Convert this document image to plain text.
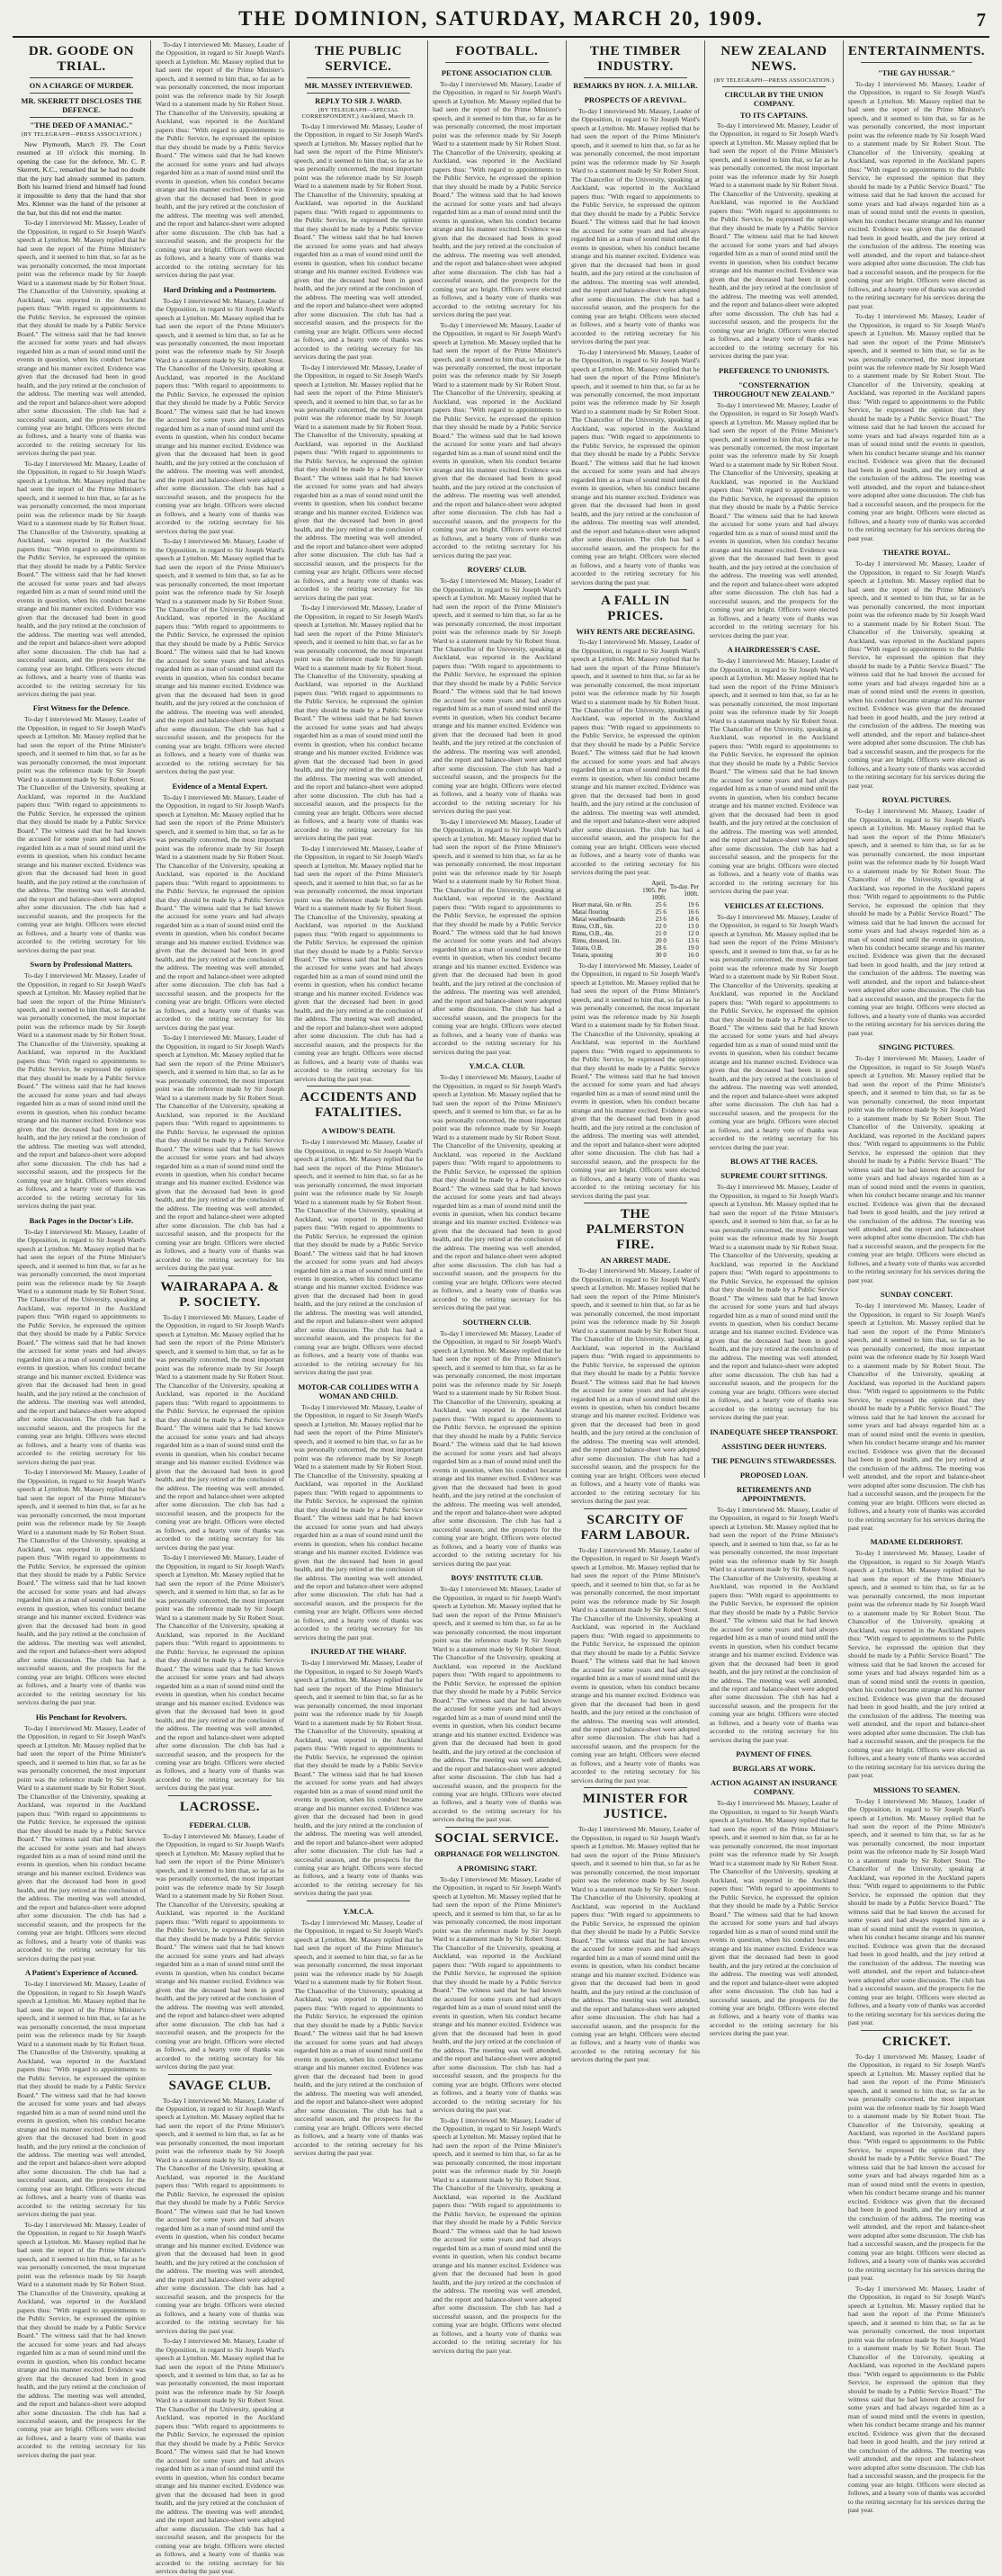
THE DOMINION, SATURDAY, MARCH 20, 1909.	7
DR. GOODE ON TRIAL.
ON A CHARGE OF MURDER.
MR. SKERRETT DISCLOSES THE DEFENCE.
"THE DEED OF A MANIAC."
(BY TELEGRAPH—PRESS ASSOCIATION.)

New Plymouth, March 19. The Court resumed at 10 o'clock this morning. In opening the case for the defence, Mr. C. P. Skerrett, K.C., remarked that he had no doubt that the jury had already summed its pattern. Both his learned friend and himself had found it impossible to deny that the hand that shot Mrs. Klenner was the hand of the prisoner at the bar, but this did not end the matter.

To-day I interviewed Mr. Massey, Leader of the Opposition, in regard to Sir Joseph Ward's speech at Lyttelton. Mr. Massey replied that he had seen the report of the Prime Minister's speech, and it seemed to him that, so far as he was personally concerned, the most important point was the reference made by Sir Joseph Ward to a statement made by Sir Robert Stout. The Chancellor of the University, speaking at Auckland, was reported in the Auckland papers thus: "With regard to appointments to the Public Service, he expressed the opinion that they should be made by a Public Service Board." The witness said that he had known the accused for some years and had always regarded him as a man of sound mind until the events in question, when his conduct became strange and his manner excited. Evidence was given that the deceased had been in good health, and the jury retired at the conclusion of the address. The meeting was well attended, and the report and balance-sheet were adopted after some discussion. The club has had a successful season, and the prospects for the coming year are bright. Officers were elected as follows, and a hearty vote of thanks was accorded to the retiring secretary for his services during the past year.

To-day I interviewed Mr. Massey, Leader of the Opposition, in regard to Sir Joseph Ward's speech at Lyttelton. Mr. Massey replied that he had seen the report of the Prime Minister's speech, and it seemed to him that, so far as he was personally concerned, the most important point was the reference made by Sir Joseph Ward to a statement made by Sir Robert Stout. The Chancellor of the University, speaking at Auckland, was reported in the Auckland papers thus: "With regard to appointments to the Public Service, he expressed the opinion that they should be made by a Public Service Board." The witness said that he had known the accused for some years and had always regarded him as a man of sound mind until the events in question, when his conduct became strange and his manner excited. Evidence was given that the deceased had been in good health, and the jury retired at the conclusion of the address. The meeting was well attended, and the report and balance-sheet were adopted after some discussion. The club has had a successful season, and the prospects for the coming year are bright. Officers were elected as follows, and a hearty vote of thanks was accorded to the retiring secretary for his services during the past year.

First Witness for the Defence.

To-day I interviewed Mr. Massey, Leader of the Opposition, in regard to Sir Joseph Ward's speech at Lyttelton. Mr. Massey replied that he had seen the report of the Prime Minister's speech, and it seemed to him that, so far as he was personally concerned, the most important point was the reference made by Sir Joseph Ward to a statement made by Sir Robert Stout. The Chancellor of the University, speaking at Auckland, was reported in the Auckland papers thus: "With regard to appointments to the Public Service, he expressed the opinion that they should be made by a Public Service Board." The witness said that he had known the accused for some years and had always regarded him as a man of sound mind until the events in question, when his conduct became strange and his manner excited. Evidence was given that the deceased had been in good health, and the jury retired at the conclusion of the address. The meeting was well attended, and the report and balance-sheet were adopted after some discussion. The club has had a successful season, and the prospects for the coming year are bright. Officers were elected as follows, and a hearty vote of thanks was accorded to the retiring secretary for his services during the past year.

Sworn by Professional Matters.

To-day I interviewed Mr. Massey, Leader of the Opposition, in regard to Sir Joseph Ward's speech at Lyttelton. Mr. Massey replied that he had seen the report of the Prime Minister's speech, and it seemed to him that, so far as he was personally concerned, the most important point was the reference made by Sir Joseph Ward to a statement made by Sir Robert Stout. The Chancellor of the University, speaking at Auckland, was reported in the Auckland papers thus: "With regard to appointments to the Public Service, he expressed the opinion that they should be made by a Public Service Board." The witness said that he had known the accused for some years and had always regarded him as a man of sound mind until the events in question, when his conduct became strange and his manner excited. Evidence was given that the deceased had been in good health, and the jury retired at the conclusion of the address. The meeting was well attended, and the report and balance-sheet were adopted after some discussion. The club has had a successful season, and the prospects for the coming year are bright. Officers were elected as follows, and a hearty vote of thanks was accorded to the retiring secretary for his services during the past year.

Back Pages in the Doctor's Life.

To-day I interviewed Mr. Massey, Leader of the Opposition, in regard to Sir Joseph Ward's speech at Lyttelton. Mr. Massey replied that he had seen the report of the Prime Minister's speech, and it seemed to him that, so far as he was personally concerned, the most important point was the reference made by Sir Joseph Ward to a statement made by Sir Robert Stout. The Chancellor of the University, speaking at Auckland, was reported in the Auckland papers thus: "With regard to appointments to the Public Service, he expressed the opinion that they should be made by a Public Service Board." The witness said that he had known the accused for some years and had always regarded him as a man of sound mind until the events in question, when his conduct became strange and his manner excited. Evidence was given that the deceased had been in good health, and the jury retired at the conclusion of the address. The meeting was well attended, and the report and balance-sheet were adopted after some discussion. The club has had a successful season, and the prospects for the coming year are bright. Officers were elected as follows, and a hearty vote of thanks was accorded to the retiring secretary for his services during the past year.

To-day I interviewed Mr. Massey, Leader of the Opposition, in regard to Sir Joseph Ward's speech at Lyttelton. Mr. Massey replied that he had seen the report of the Prime Minister's speech, and it seemed to him that, so far as he was personally concerned, the most important point was the reference made by Sir Joseph Ward to a statement made by Sir Robert Stout. The Chancellor of the University, speaking at Auckland, was reported in the Auckland papers thus: "With regard to appointments to the Public Service, he expressed the opinion that they should be made by a Public Service Board." The witness said that he had known the accused for some years and had always regarded him as a man of sound mind until the events in question, when his conduct became strange and his manner excited. Evidence was given that the deceased had been in good health, and the jury retired at the conclusion of the address. The meeting was well attended, and the report and balance-sheet were adopted after some discussion. The club has had a successful season, and the prospects for the coming year are bright. Officers were elected as follows, and a hearty vote of thanks was accorded to the retiring secretary for his services during the past year.

His Penchant for Revolvers.

To-day I interviewed Mr. Massey, Leader of the Opposition, in regard to Sir Joseph Ward's speech at Lyttelton. Mr. Massey replied that he had seen the report of the Prime Minister's speech, and it seemed to him that, so far as he was personally concerned, the most important point was the reference made by Sir Joseph Ward to a statement made by Sir Robert Stout. The Chancellor of the University, speaking at Auckland, was reported in the Auckland papers thus: "With regard to appointments to the Public Service, he expressed the opinion that they should be made by a Public Service Board." The witness said that he had known the accused for some years and had always regarded him as a man of sound mind until the events in question, when his conduct became strange and his manner excited. Evidence was given that the deceased had been in good health, and the jury retired at the conclusion of the address. The meeting was well attended, and the report and balance-sheet were adopted after some discussion. The club has had a successful season, and the prospects for the coming year are bright. Officers were elected as follows, and a hearty vote of thanks was accorded to the retiring secretary for his services during the past year.

A Patient's Experience of Accused.

To-day I interviewed Mr. Massey, Leader of the Opposition, in regard to Sir Joseph Ward's speech at Lyttelton. Mr. Massey replied that he had seen the report of the Prime Minister's speech, and it seemed to him that, so far as he was personally concerned, the most important point was the reference made by Sir Joseph Ward to a statement made by Sir Robert Stout. The Chancellor of the University, speaking at Auckland, was reported in the Auckland papers thus: "With regard to appointments to the Public Service, he expressed the opinion that they should be made by a Public Service Board." The witness said that he had known the accused for some years and had always regarded him as a man of sound mind until the events in question, when his conduct became strange and his manner excited. Evidence was given that the deceased had been in good health, and the jury retired at the conclusion of the address. The meeting was well attended, and the report and balance-sheet were adopted after some discussion. The club has had a successful season, and the prospects for the coming year are bright. Officers were elected as follows, and a hearty vote of thanks was accorded to the retiring secretary for his services during the past year.

To-day I interviewed Mr. Massey, Leader of the Opposition, in regard to Sir Joseph Ward's speech at Lyttelton. Mr. Massey replied that he had seen the report of the Prime Minister's speech, and it seemed to him that, so far as he was personally concerned, the most important point was the reference made by Sir Joseph Ward to a statement made by Sir Robert Stout. The Chancellor of the University, speaking at Auckland, was reported in the Auckland papers thus: "With regard to appointments to the Public Service, he expressed the opinion that they should be made by a Public Service Board." The witness said that he had known the accused for some years and had always regarded him as a man of sound mind until the events in question, when his conduct became strange and his manner excited. Evidence was given that the deceased had been in good health, and the jury retired at the conclusion of the address. The meeting was well attended, and the report and balance-sheet were adopted after some discussion. The club has had a successful season, and the prospects for the coming year are bright. Officers were elected as follows, and a hearty vote of thanks was accorded to the retiring secretary for his services during the past year.

To-day I interviewed Mr. Massey, Leader of the Opposition, in regard to Sir Joseph Ward's speech at Lyttelton. Mr. Massey replied that he had seen the report of the Prime Minister's speech, and it seemed to him that, so far as he was personally concerned, the most important point was the reference made by Sir Joseph Ward to a statement made by Sir Robert Stout. The Chancellor of the University, speaking at Auckland, was reported in the Auckland papers thus: "With regard to appointments to the Public Service, he expressed the opinion that they should be made by a Public Service Board." The witness said that he had known the accused for some years and had always regarded him as a man of sound mind until the events in question, when his conduct became strange and his manner excited. Evidence was given that the deceased had been in good health, and the jury retired at the conclusion of the address. The meeting was well attended, and the report and balance-sheet were adopted after some discussion. The club has had a successful season, and the prospects for the coming year are bright. Officers were elected as follows, and a hearty vote of thanks was accorded to the retiring secretary for his services during the past year.

Hard Drinking and a Postmortem.

To-day I interviewed Mr. Massey, Leader of the Opposition, in regard to Sir Joseph Ward's speech at Lyttelton. Mr. Massey replied that he had seen the report of the Prime Minister's speech, and it seemed to him that, so far as he was personally concerned, the most important point was the reference made by Sir Joseph Ward to a statement made by Sir Robert Stout. The Chancellor of the University, speaking at Auckland, was reported in the Auckland papers thus: "With regard to appointments to the Public Service, he expressed the opinion that they should be made by a Public Service Board." The witness said that he had known the accused for some years and had always regarded him as a man of sound mind until the events in question, when his conduct became strange and his manner excited. Evidence was given that the deceased had been in good health, and the jury retired at the conclusion of the address. The meeting was well attended, and the report and balance-sheet were adopted after some discussion. The club has had a successful season, and the prospects for the coming year are bright. Officers were elected as follows, and a hearty vote of thanks was accorded to the retiring secretary for his services during the past year.

To-day I interviewed Mr. Massey, Leader of the Opposition, in regard to Sir Joseph Ward's speech at Lyttelton. Mr. Massey replied that he had seen the report of the Prime Minister's speech, and it seemed to him that, so far as he was personally concerned, the most important point was the reference made by Sir Joseph Ward to a statement made by Sir Robert Stout. The Chancellor of the University, speaking at Auckland, was reported in the Auckland papers thus: "With regard to appointments to the Public Service, he expressed the opinion that they should be made by a Public Service Board." The witness said that he had known the accused for some years and had always regarded him as a man of sound mind until the events in question, when his conduct became strange and his manner excited. Evidence was given that the deceased had been in good health, and the jury retired at the conclusion of the address. The meeting was well attended, and the report and balance-sheet were adopted after some discussion. The club has had a successful season, and the prospects for the coming year are bright. Officers were elected as follows, and a hearty vote of thanks was accorded to the retiring secretary for his services during the past year.

Evidence of a Mental Expert.

To-day I interviewed Mr. Massey, Leader of the Opposition, in regard to Sir Joseph Ward's speech at Lyttelton. Mr. Massey replied that he had seen the report of the Prime Minister's speech, and it seemed to him that, so far as he was personally concerned, the most important point was the reference made by Sir Joseph Ward to a statement made by Sir Robert Stout. The Chancellor of the University, speaking at Auckland, was reported in the Auckland papers thus: "With regard to appointments to the Public Service, he expressed the opinion that they should be made by a Public Service Board." The witness said that he had known the accused for some years and had always regarded him as a man of sound mind until the events in question, when his conduct became strange and his manner excited. Evidence was given that the deceased had been in good health, and the jury retired at the conclusion of the address. The meeting was well attended, and the report and balance-sheet were adopted after some discussion. The club has had a successful season, and the prospects for the coming year are bright. Officers were elected as follows, and a hearty vote of thanks was accorded to the retiring secretary for his services during the past year.

To-day I interviewed Mr. Massey, Leader of the Opposition, in regard to Sir Joseph Ward's speech at Lyttelton. Mr. Massey replied that he had seen the report of the Prime Minister's speech, and it seemed to him that, so far as he was personally concerned, the most important point was the reference made by Sir Joseph Ward to a statement made by Sir Robert Stout. The Chancellor of the University, speaking at Auckland, was reported in the Auckland papers thus: "With regard to appointments to the Public Service, he expressed the opinion that they should be made by a Public Service Board." The witness said that he had known the accused for some years and had always regarded him as a man of sound mind until the events in question, when his conduct became strange and his manner excited. Evidence was given that the deceased had been in good health, and the jury retired at the conclusion of the address. The meeting was well attended, and the report and balance-sheet were adopted after some discussion. The club has had a successful season, and the prospects for the coming year are bright. Officers were elected as follows, and a hearty vote of thanks was accorded to the retiring secretary for his services during the past year.

WAIRARAPA A. & P. SOCIETY.

To-day I interviewed Mr. Massey, Leader of the Opposition, in regard to Sir Joseph Ward's speech at Lyttelton. Mr. Massey replied that he had seen the report of the Prime Minister's speech, and it seemed to him that, so far as he was personally concerned, the most important point was the reference made by Sir Joseph Ward to a statement made by Sir Robert Stout. The Chancellor of the University, speaking at Auckland, was reported in the Auckland papers thus: "With regard to appointments to the Public Service, he expressed the opinion that they should be made by a Public Service Board." The witness said that he had known the accused for some years and had always regarded him as a man of sound mind until the events in question, when his conduct became strange and his manner excited. Evidence was given that the deceased had been in good health, and the jury retired at the conclusion of the address. The meeting was well attended, and the report and balance-sheet were adopted after some discussion. The club has had a successful season, and the prospects for the coming year are bright. Officers were elected as follows, and a hearty vote of thanks was accorded to the retiring secretary for his services during the past year.

To-day I interviewed Mr. Massey, Leader of the Opposition, in regard to Sir Joseph Ward's speech at Lyttelton. Mr. Massey replied that he had seen the report of the Prime Minister's speech, and it seemed to him that, so far as he was personally concerned, the most important point was the reference made by Sir Joseph Ward to a statement made by Sir Robert Stout. The Chancellor of the University, speaking at Auckland, was reported in the Auckland papers thus: "With regard to appointments to the Public Service, he expressed the opinion that they should be made by a Public Service Board." The witness said that he had known the accused for some years and had always regarded him as a man of sound mind until the events in question, when his conduct became strange and his manner excited. Evidence was given that the deceased had been in good health, and the jury retired at the conclusion of the address. The meeting was well attended, and the report and balance-sheet were adopted after some discussion. The club has had a successful season, and the prospects for the coming year are bright. Officers were elected as follows, and a hearty vote of thanks was accorded to the retiring secretary for his services during the past year.

LACROSSE.
FEDERAL CLUB.

To-day I interviewed Mr. Massey, Leader of the Opposition, in regard to Sir Joseph Ward's speech at Lyttelton. Mr. Massey replied that he had seen the report of the Prime Minister's speech, and it seemed to him that, so far as he was personally concerned, the most important point was the reference made by Sir Joseph Ward to a statement made by Sir Robert Stout. The Chancellor of the University, speaking at Auckland, was reported in the Auckland papers thus: "With regard to appointments to the Public Service, he expressed the opinion that they should be made by a Public Service Board." The witness said that he had known the accused for some years and had always regarded him as a man of sound mind until the events in question, when his conduct became strange and his manner excited. Evidence was given that the deceased had been in good health, and the jury retired at the conclusion of the address. The meeting was well attended, and the report and balance-sheet were adopted after some discussion. The club has had a successful season, and the prospects for the coming year are bright. Officers were elected as follows, and a hearty vote of thanks was accorded to the retiring secretary for his services during the past year.

SAVAGE CLUB.

To-day I interviewed Mr. Massey, Leader of the Opposition, in regard to Sir Joseph Ward's speech at Lyttelton. Mr. Massey replied that he had seen the report of the Prime Minister's speech, and it seemed to him that, so far as he was personally concerned, the most important point was the reference made by Sir Joseph Ward to a statement made by Sir Robert Stout. The Chancellor of the University, speaking at Auckland, was reported in the Auckland papers thus: "With regard to appointments to the Public Service, he expressed the opinion that they should be made by a Public Service Board." The witness said that he had known the accused for some years and had always regarded him as a man of sound mind until the events in question, when his conduct became strange and his manner excited. Evidence was given that the deceased had been in good health, and the jury retired at the conclusion of the address. The meeting was well attended, and the report and balance-sheet were adopted after some discussion. The club has had a successful season, and the prospects for the coming year are bright. Officers were elected as follows, and a hearty vote of thanks was accorded to the retiring secretary for his services during the past year.

To-day I interviewed Mr. Massey, Leader of the Opposition, in regard to Sir Joseph Ward's speech at Lyttelton. Mr. Massey replied that he had seen the report of the Prime Minister's speech, and it seemed to him that, so far as he was personally concerned, the most important point was the reference made by Sir Joseph Ward to a statement made by Sir Robert Stout. The Chancellor of the University, speaking at Auckland, was reported in the Auckland papers thus: "With regard to appointments to the Public Service, he expressed the opinion that they should be made by a Public Service Board." The witness said that he had known the accused for some years and had always regarded him as a man of sound mind until the events in question, when his conduct became strange and his manner excited. Evidence was given that the deceased had been in good health, and the jury retired at the conclusion of the address. The meeting was well attended, and the report and balance-sheet were adopted after some discussion. The club has had a successful season, and the prospects for the coming year are bright. Officers were elected as follows, and a hearty vote of thanks was accorded to the retiring secretary for his services during the past year.

THE PUBLIC SERVICE.
MR. MASSEY INTERVIEWED.
REPLY TO SIR J. WARD.
(BY TELEGRAPH—SPECIAL CORRESPONDENT.) Auckland, March 19.

To-day I interviewed Mr. Massey, Leader of the Opposition, in regard to Sir Joseph Ward's speech at Lyttelton. Mr. Massey replied that he had seen the report of the Prime Minister's speech, and it seemed to him that, so far as he was personally concerned, the most important point was the reference made by Sir Joseph Ward to a statement made by Sir Robert Stout. The Chancellor of the University, speaking at Auckland, was reported in the Auckland papers thus: "With regard to appointments to the Public Service, he expressed the opinion that they should be made by a Public Service Board." The witness said that he had known the accused for some years and had always regarded him as a man of sound mind until the events in question, when his conduct became strange and his manner excited. Evidence was given that the deceased had been in good health, and the jury retired at the conclusion of the address. The meeting was well attended, and the report and balance-sheet were adopted after some discussion. The club has had a successful season, and the prospects for the coming year are bright. Officers were elected as follows, and a hearty vote of thanks was accorded to the retiring secretary for his services during the past year.

To-day I interviewed Mr. Massey, Leader of the Opposition, in regard to Sir Joseph Ward's speech at Lyttelton. Mr. Massey replied that he had seen the report of the Prime Minister's speech, and it seemed to him that, so far as he was personally concerned, the most important point was the reference made by Sir Joseph Ward to a statement made by Sir Robert Stout. The Chancellor of the University, speaking at Auckland, was reported in the Auckland papers thus: "With regard to appointments to the Public Service, he expressed the opinion that they should be made by a Public Service Board." The witness said that he had known the accused for some years and had always regarded him as a man of sound mind until the events in question, when his conduct became strange and his manner excited. Evidence was given that the deceased had been in good health, and the jury retired at the conclusion of the address. The meeting was well attended, and the report and balance-sheet were adopted after some discussion. The club has had a successful season, and the prospects for the coming year are bright. Officers were elected as follows, and a hearty vote of thanks was accorded to the retiring secretary for his services during the past year.

To-day I interviewed Mr. Massey, Leader of the Opposition, in regard to Sir Joseph Ward's speech at Lyttelton. Mr. Massey replied that he had seen the report of the Prime Minister's speech, and it seemed to him that, so far as he was personally concerned, the most important point was the reference made by Sir Joseph Ward to a statement made by Sir Robert Stout. The Chancellor of the University, speaking at Auckland, was reported in the Auckland papers thus: "With regard to appointments to the Public Service, he expressed the opinion that they should be made by a Public Service Board." The witness said that he had known the accused for some years and had always regarded him as a man of sound mind until the events in question, when his conduct became strange and his manner excited. Evidence was given that the deceased had been in good health, and the jury retired at the conclusion of the address. The meeting was well attended, and the report and balance-sheet were adopted after some discussion. The club has had a successful season, and the prospects for the coming year are bright. Officers were elected as follows, and a hearty vote of thanks was accorded to the retiring secretary for his services during the past year.

To-day I interviewed Mr. Massey, Leader of the Opposition, in regard to Sir Joseph Ward's speech at Lyttelton. Mr. Massey replied that he had seen the report of the Prime Minister's speech, and it seemed to him that, so far as he was personally concerned, the most important point was the reference made by Sir Joseph Ward to a statement made by Sir Robert Stout. The Chancellor of the University, speaking at Auckland, was reported in the Auckland papers thus: "With regard to appointments to the Public Service, he expressed the opinion that they should be made by a Public Service Board." The witness said that he had known the accused for some years and had always regarded him as a man of sound mind until the events in question, when his conduct became strange and his manner excited. Evidence was given that the deceased had been in good health, and the jury retired at the conclusion of the address. The meeting was well attended, and the report and balance-sheet were adopted after some discussion. The club has had a successful season, and the prospects for the coming year are bright. Officers were elected as follows, and a hearty vote of thanks was accorded to the retiring secretary for his services during the past year.

ACCIDENTS AND FATALITIES.
A WIDOW'S DEATH.

To-day I interviewed Mr. Massey, Leader of the Opposition, in regard to Sir Joseph Ward's speech at Lyttelton. Mr. Massey replied that he had seen the report of the Prime Minister's speech, and it seemed to him that, so far as he was personally concerned, the most important point was the reference made by Sir Joseph Ward to a statement made by Sir Robert Stout. The Chancellor of the University, speaking at Auckland, was reported in the Auckland papers thus: "With regard to appointments to the Public Service, he expressed the opinion that they should be made by a Public Service Board." The witness said that he had known the accused for some years and had always regarded him as a man of sound mind until the events in question, when his conduct became strange and his manner excited. Evidence was given that the deceased had been in good health, and the jury retired at the conclusion of the address. The meeting was well attended, and the report and balance-sheet were adopted after some discussion. The club has had a successful season, and the prospects for the coming year are bright. Officers were elected as follows, and a hearty vote of thanks was accorded to the retiring secretary for his services during the past year.

MOTOR-CAR COLLIDES WITH A WOMAN AND CHILD.

To-day I interviewed Mr. Massey, Leader of the Opposition, in regard to Sir Joseph Ward's speech at Lyttelton. Mr. Massey replied that he had seen the report of the Prime Minister's speech, and it seemed to him that, so far as he was personally concerned, the most important point was the reference made by Sir Joseph Ward to a statement made by Sir Robert Stout. The Chancellor of the University, speaking at Auckland, was reported in the Auckland papers thus: "With regard to appointments to the Public Service, he expressed the opinion that they should be made by a Public Service Board." The witness said that he had known the accused for some years and had always regarded him as a man of sound mind until the events in question, when his conduct became strange and his manner excited. Evidence was given that the deceased had been in good health, and the jury retired at the conclusion of the address. The meeting was well attended, and the report and balance-sheet were adopted after some discussion. The club has had a successful season, and the prospects for the coming year are bright. Officers were elected as follows, and a hearty vote of thanks was accorded to the retiring secretary for his services during the past year.

INJURED AT THE WHARF.

To-day I interviewed Mr. Massey, Leader of the Opposition, in regard to Sir Joseph Ward's speech at Lyttelton. Mr. Massey replied that he had seen the report of the Prime Minister's speech, and it seemed to him that, so far as he was personally concerned, the most important point was the reference made by Sir Joseph Ward to a statement made by Sir Robert Stout. The Chancellor of the University, speaking at Auckland, was reported in the Auckland papers thus: "With regard to appointments to the Public Service, he expressed the opinion that they should be made by a Public Service Board." The witness said that he had known the accused for some years and had always regarded him as a man of sound mind until the events in question, when his conduct became strange and his manner excited. Evidence was given that the deceased had been in good health, and the jury retired at the conclusion of the address. The meeting was well attended, and the report and balance-sheet were adopted after some discussion. The club has had a successful season, and the prospects for the coming year are bright. Officers were elected as follows, and a hearty vote of thanks was accorded to the retiring secretary for his services during the past year.

Y.M.C.A.

To-day I interviewed Mr. Massey, Leader of the Opposition, in regard to Sir Joseph Ward's speech at Lyttelton. Mr. Massey replied that he had seen the report of the Prime Minister's speech, and it seemed to him that, so far as he was personally concerned, the most important point was the reference made by Sir Joseph Ward to a statement made by Sir Robert Stout. The Chancellor of the University, speaking at Auckland, was reported in the Auckland papers thus: "With regard to appointments to the Public Service, he expressed the opinion that they should be made by a Public Service Board." The witness said that he had known the accused for some years and had always regarded him as a man of sound mind until the events in question, when his conduct became strange and his manner excited. Evidence was given that the deceased had been in good health, and the jury retired at the conclusion of the address. The meeting was well attended, and the report and balance-sheet were adopted after some discussion. The club has had a successful season, and the prospects for the coming year are bright. Officers were elected as follows, and a hearty vote of thanks was accorded to the retiring secretary for his services during the past year.

FOOTBALL.
PETONE ASSOCIATION CLUB.

To-day I interviewed Mr. Massey, Leader of the Opposition, in regard to Sir Joseph Ward's speech at Lyttelton. Mr. Massey replied that he had seen the report of the Prime Minister's speech, and it seemed to him that, so far as he was personally concerned, the most important point was the reference made by Sir Joseph Ward to a statement made by Sir Robert Stout. The Chancellor of the University, speaking at Auckland, was reported in the Auckland papers thus: "With regard to appointments to the Public Service, he expressed the opinion that they should be made by a Public Service Board." The witness said that he had known the accused for some years and had always regarded him as a man of sound mind until the events in question, when his conduct became strange and his manner excited. Evidence was given that the deceased had been in good health, and the jury retired at the conclusion of the address. The meeting was well attended, and the report and balance-sheet were adopted after some discussion. The club has had a successful season, and the prospects for the coming year are bright. Officers were elected as follows, and a hearty vote of thanks was accorded to the retiring secretary for his services during the past year.

To-day I interviewed Mr. Massey, Leader of the Opposition, in regard to Sir Joseph Ward's speech at Lyttelton. Mr. Massey replied that he had seen the report of the Prime Minister's speech, and it seemed to him that, so far as he was personally concerned, the most important point was the reference made by Sir Joseph Ward to a statement made by Sir Robert Stout. The Chancellor of the University, speaking at Auckland, was reported in the Auckland papers thus: "With regard to appointments to the Public Service, he expressed the opinion that they should be made by a Public Service Board." The witness said that he had known the accused for some years and had always regarded him as a man of sound mind until the events in question, when his conduct became strange and his manner excited. Evidence was given that the deceased had been in good health, and the jury retired at the conclusion of the address. The meeting was well attended, and the report and balance-sheet were adopted after some discussion. The club has had a successful season, and the prospects for the coming year are bright. Officers were elected as follows, and a hearty vote of thanks was accorded to the retiring secretary for his services during the past year.

ROVERS' CLUB.

To-day I interviewed Mr. Massey, Leader of the Opposition, in regard to Sir Joseph Ward's speech at Lyttelton. Mr. Massey replied that he had seen the report of the Prime Minister's speech, and it seemed to him that, so far as he was personally concerned, the most important point was the reference made by Sir Joseph Ward to a statement made by Sir Robert Stout. The Chancellor of the University, speaking at Auckland, was reported in the Auckland papers thus: "With regard to appointments to the Public Service, he expressed the opinion that they should be made by a Public Service Board." The witness said that he had known the accused for some years and had always regarded him as a man of sound mind until the events in question, when his conduct became strange and his manner excited. Evidence was given that the deceased had been in good health, and the jury retired at the conclusion of the address. The meeting was well attended, and the report and balance-sheet were adopted after some discussion. The club has had a successful season, and the prospects for the coming year are bright. Officers were elected as follows, and a hearty vote of thanks was accorded to the retiring secretary for his services during the past year.

To-day I interviewed Mr. Massey, Leader of the Opposition, in regard to Sir Joseph Ward's speech at Lyttelton. Mr. Massey replied that he had seen the report of the Prime Minister's speech, and it seemed to him that, so far as he was personally concerned, the most important point was the reference made by Sir Joseph Ward to a statement made by Sir Robert Stout. The Chancellor of the University, speaking at Auckland, was reported in the Auckland papers thus: "With regard to appointments to the Public Service, he expressed the opinion that they should be made by a Public Service Board." The witness said that he had known the accused for some years and had always regarded him as a man of sound mind until the events in question, when his conduct became strange and his manner excited. Evidence was given that the deceased had been in good health, and the jury retired at the conclusion of the address. The meeting was well attended, and the report and balance-sheet were adopted after some discussion. The club has had a successful season, and the prospects for the coming year are bright. Officers were elected as follows, and a hearty vote of thanks was accorded to the retiring secretary for his services during the past year.

Y.M.C.A. CLUB.

To-day I interviewed Mr. Massey, Leader of the Opposition, in regard to Sir Joseph Ward's speech at Lyttelton. Mr. Massey replied that he had seen the report of the Prime Minister's speech, and it seemed to him that, so far as he was personally concerned, the most important point was the reference made by Sir Joseph Ward to a statement made by Sir Robert Stout. The Chancellor of the University, speaking at Auckland, was reported in the Auckland papers thus: "With regard to appointments to the Public Service, he expressed the opinion that they should be made by a Public Service Board." The witness said that he had known the accused for some years and had always regarded him as a man of sound mind until the events in question, when his conduct became strange and his manner excited. Evidence was given that the deceased had been in good health, and the jury retired at the conclusion of the address. The meeting was well attended, and the report and balance-sheet were adopted after some discussion. The club has had a successful season, and the prospects for the coming year are bright. Officers were elected as follows, and a hearty vote of thanks was accorded to the retiring secretary for his services during the past year.

SOUTHERN CLUB.

To-day I interviewed Mr. Massey, Leader of the Opposition, in regard to Sir Joseph Ward's speech at Lyttelton. Mr. Massey replied that he had seen the report of the Prime Minister's speech, and it seemed to him that, so far as he was personally concerned, the most important point was the reference made by Sir Joseph Ward to a statement made by Sir Robert Stout. The Chancellor of the University, speaking at Auckland, was reported in the Auckland papers thus: "With regard to appointments to the Public Service, he expressed the opinion that they should be made by a Public Service Board." The witness said that he had known the accused for some years and had always regarded him as a man of sound mind until the events in question, when his conduct became strange and his manner excited. Evidence was given that the deceased had been in good health, and the jury retired at the conclusion of the address. The meeting was well attended, and the report and balance-sheet were adopted after some discussion. The club has had a successful season, and the prospects for the coming year are bright. Officers were elected as follows, and a hearty vote of thanks was accorded to the retiring secretary for his services during the past year.

BOYS' INSTITUTE CLUB.

To-day I interviewed Mr. Massey, Leader of the Opposition, in regard to Sir Joseph Ward's speech at Lyttelton. Mr. Massey replied that he had seen the report of the Prime Minister's speech, and it seemed to him that, so far as he was personally concerned, the most important point was the reference made by Sir Joseph Ward to a statement made by Sir Robert Stout. The Chancellor of the University, speaking at Auckland, was reported in the Auckland papers thus: "With regard to appointments to the Public Service, he expressed the opinion that they should be made by a Public Service Board." The witness said that he had known the accused for some years and had always regarded him as a man of sound mind until the events in question, when his conduct became strange and his manner excited. Evidence was given that the deceased had been in good health, and the jury retired at the conclusion of the address. The meeting was well attended, and the report and balance-sheet were adopted after some discussion. The club has had a successful season, and the prospects for the coming year are bright. Officers were elected as follows, and a hearty vote of thanks was accorded to the retiring secretary for his services during the past year.

SOCIAL SERVICE.
ORPHANAGE FOR WELLINGTON.
A PROMISING START.

To-day I interviewed Mr. Massey, Leader of the Opposition, in regard to Sir Joseph Ward's speech at Lyttelton. Mr. Massey replied that he had seen the report of the Prime Minister's speech, and it seemed to him that, so far as he was personally concerned, the most important point was the reference made by Sir Joseph Ward to a statement made by Sir Robert Stout. The Chancellor of the University, speaking at Auckland, was reported in the Auckland papers thus: "With regard to appointments to the Public Service, he expressed the opinion that they should be made by a Public Service Board." The witness said that he had known the accused for some years and had always regarded him as a man of sound mind until the events in question, when his conduct became strange and his manner excited. Evidence was given that the deceased had been in good health, and the jury retired at the conclusion of the address. The meeting was well attended, and the report and balance-sheet were adopted after some discussion. The club has had a successful season, and the prospects for the coming year are bright. Officers were elected as follows, and a hearty vote of thanks was accorded to the retiring secretary for his services during the past year.

To-day I interviewed Mr. Massey, Leader of the Opposition, in regard to Sir Joseph Ward's speech at Lyttelton. Mr. Massey replied that he had seen the report of the Prime Minister's speech, and it seemed to him that, so far as he was personally concerned, the most important point was the reference made by Sir Joseph Ward to a statement made by Sir Robert Stout. The Chancellor of the University, speaking at Auckland, was reported in the Auckland papers thus: "With regard to appointments to the Public Service, he expressed the opinion that they should be made by a Public Service Board." The witness said that he had known the accused for some years and had always regarded him as a man of sound mind until the events in question, when his conduct became strange and his manner excited. Evidence was given that the deceased had been in good health, and the jury retired at the conclusion of the address. The meeting was well attended, and the report and balance-sheet were adopted after some discussion. The club has had a successful season, and the prospects for the coming year are bright. Officers were elected as follows, and a hearty vote of thanks was accorded to the retiring secretary for his services during the past year.

THE TIMBER INDUSTRY.
REMARKS BY HON. J. A. MILLAR.
PROSPECTS OF A REVIVAL.

To-day I interviewed Mr. Massey, Leader of the Opposition, in regard to Sir Joseph Ward's speech at Lyttelton. Mr. Massey replied that he had seen the report of the Prime Minister's speech, and it seemed to him that, so far as he was personally concerned, the most important point was the reference made by Sir Joseph Ward to a statement made by Sir Robert Stout. The Chancellor of the University, speaking at Auckland, was reported in the Auckland papers thus: "With regard to appointments to the Public Service, he expressed the opinion that they should be made by a Public Service Board." The witness said that he had known the accused for some years and had always regarded him as a man of sound mind until the events in question, when his conduct became strange and his manner excited. Evidence was given that the deceased had been in good health, and the jury retired at the conclusion of the address. The meeting was well attended, and the report and balance-sheet were adopted after some discussion. The club has had a successful season, and the prospects for the coming year are bright. Officers were elected as follows, and a hearty vote of thanks was accorded to the retiring secretary for his services during the past year.

To-day I interviewed Mr. Massey, Leader of the Opposition, in regard to Sir Joseph Ward's speech at Lyttelton. Mr. Massey replied that he had seen the report of the Prime Minister's speech, and it seemed to him that, so far as he was personally concerned, the most important point was the reference made by Sir Joseph Ward to a statement made by Sir Robert Stout. The Chancellor of the University, speaking at Auckland, was reported in the Auckland papers thus: "With regard to appointments to the Public Service, he expressed the opinion that they should be made by a Public Service Board." The witness said that he had known the accused for some years and had always regarded him as a man of sound mind until the events in question, when his conduct became strange and his manner excited. Evidence was given that the deceased had been in good health, and the jury retired at the conclusion of the address. The meeting was well attended, and the report and balance-sheet were adopted after some discussion. The club has had a successful season, and the prospects for the coming year are bright. Officers were elected as follows, and a hearty vote of thanks was accorded to the retiring secretary for his services during the past year.

A FALL IN PRICES.
WHY RENTS ARE DECREASING.

To-day I interviewed Mr. Massey, Leader of the Opposition, in regard to Sir Joseph Ward's speech at Lyttelton. Mr. Massey replied that he had seen the report of the Prime Minister's speech, and it seemed to him that, so far as he was personally concerned, the most important point was the reference made by Sir Joseph Ward to a statement made by Sir Robert Stout. The Chancellor of the University, speaking at Auckland, was reported in the Auckland papers thus: "With regard to appointments to the Public Service, he expressed the opinion that they should be made by a Public Service Board." The witness said that he had known the accused for some years and had always regarded him as a man of sound mind until the events in question, when his conduct became strange and his manner excited. Evidence was given that the deceased had been in good health, and the jury retired at the conclusion of the address. The meeting was well attended, and the report and balance-sheet were adopted after some discussion. The club has had a successful season, and the prospects for the coming year are bright. Officers were elected as follows, and a hearty vote of thanks was accorded to the retiring secretary for his services during the past year.

	April, 1905. Per 100ft.	To-day. Per 100ft.
Heart matai, 6in. or 8in.	25 6	19 6
Matai flooring	25 6	16 6
Matai weatherboards	23 6	18 6
Rimu, O.B., 6in.	22 0	13 0
Rimu, O.B., 4in.	21 0	12 0
Rimu, dressed, 1in.	20 0	13 6
Totara, O.B.	28 6	19 0
Totara, spouting	30 0	16 0

To-day I interviewed Mr. Massey, Leader of the Opposition, in regard to Sir Joseph Ward's speech at Lyttelton. Mr. Massey replied that he had seen the report of the Prime Minister's speech, and it seemed to him that, so far as he was personally concerned, the most important point was the reference made by Sir Joseph Ward to a statement made by Sir Robert Stout. The Chancellor of the University, speaking at Auckland, was reported in the Auckland papers thus: "With regard to appointments to the Public Service, he expressed the opinion that they should be made by a Public Service Board." The witness said that he had known the accused for some years and had always regarded him as a man of sound mind until the events in question, when his conduct became strange and his manner excited. Evidence was given that the deceased had been in good health, and the jury retired at the conclusion of the address. The meeting was well attended, and the report and balance-sheet were adopted after some discussion. The club has had a successful season, and the prospects for the coming year are bright. Officers were elected as follows, and a hearty vote of thanks was accorded to the retiring secretary for his services during the past year.

THE PALMERSTON FIRE.
AN ARREST MADE.

To-day I interviewed Mr. Massey, Leader of the Opposition, in regard to Sir Joseph Ward's speech at Lyttelton. Mr. Massey replied that he had seen the report of the Prime Minister's speech, and it seemed to him that, so far as he was personally concerned, the most important point was the reference made by Sir Joseph Ward to a statement made by Sir Robert Stout. The Chancellor of the University, speaking at Auckland, was reported in the Auckland papers thus: "With regard to appointments to the Public Service, he expressed the opinion that they should be made by a Public Service Board." The witness said that he had known the accused for some years and had always regarded him as a man of sound mind until the events in question, when his conduct became strange and his manner excited. Evidence was given that the deceased had been in good health, and the jury retired at the conclusion of the address. The meeting was well attended, and the report and balance-sheet were adopted after some discussion. The club has had a successful season, and the prospects for the coming year are bright. Officers were elected as follows, and a hearty vote of thanks was accorded to the retiring secretary for his services during the past year.

SCARCITY OF FARM LABOUR.

To-day I interviewed Mr. Massey, Leader of the Opposition, in regard to Sir Joseph Ward's speech at Lyttelton. Mr. Massey replied that he had seen the report of the Prime Minister's speech, and it seemed to him that, so far as he was personally concerned, the most important point was the reference made by Sir Joseph Ward to a statement made by Sir Robert Stout. The Chancellor of the University, speaking at Auckland, was reported in the Auckland papers thus: "With regard to appointments to the Public Service, he expressed the opinion that they should be made by a Public Service Board." The witness said that he had known the accused for some years and had always regarded him as a man of sound mind until the events in question, when his conduct became strange and his manner excited. Evidence was given that the deceased had been in good health, and the jury retired at the conclusion of the address. The meeting was well attended, and the report and balance-sheet were adopted after some discussion. The club has had a successful season, and the prospects for the coming year are bright. Officers were elected as follows, and a hearty vote of thanks was accorded to the retiring secretary for his services during the past year.

MINISTER FOR JUSTICE.

To-day I interviewed Mr. Massey, Leader of the Opposition, in regard to Sir Joseph Ward's speech at Lyttelton. Mr. Massey replied that he had seen the report of the Prime Minister's speech, and it seemed to him that, so far as he was personally concerned, the most important point was the reference made by Sir Joseph Ward to a statement made by Sir Robert Stout. The Chancellor of the University, speaking at Auckland, was reported in the Auckland papers thus: "With regard to appointments to the Public Service, he expressed the opinion that they should be made by a Public Service Board." The witness said that he had known the accused for some years and had always regarded him as a man of sound mind until the events in question, when his conduct became strange and his manner excited. Evidence was given that the deceased had been in good health, and the jury retired at the conclusion of the address. The meeting was well attended, and the report and balance-sheet were adopted after some discussion. The club has had a successful season, and the prospects for the coming year are bright. Officers were elected as follows, and a hearty vote of thanks was accorded to the retiring secretary for his services during the past year.

NEW ZEALAND NEWS.
(BY TELEGRAPH—PRESS ASSOCIATION.)
CIRCULAR BY THE UNION COMPANY.
TO ITS CAPTAINS.

To-day I interviewed Mr. Massey, Leader of the Opposition, in regard to Sir Joseph Ward's speech at Lyttelton. Mr. Massey replied that he had seen the report of the Prime Minister's speech, and it seemed to him that, so far as he was personally concerned, the most important point was the reference made by Sir Joseph Ward to a statement made by Sir Robert Stout. The Chancellor of the University, speaking at Auckland, was reported in the Auckland papers thus: "With regard to appointments to the Public Service, he expressed the opinion that they should be made by a Public Service Board." The witness said that he had known the accused for some years and had always regarded him as a man of sound mind until the events in question, when his conduct became strange and his manner excited. Evidence was given that the deceased had been in good health, and the jury retired at the conclusion of the address. The meeting was well attended, and the report and balance-sheet were adopted after some discussion. The club has had a successful season, and the prospects for the coming year are bright. Officers were elected as follows, and a hearty vote of thanks was accorded to the retiring secretary for his services during the past year.

PREFERENCE TO UNIONISTS.
"CONSTERNATION THROUGHOUT NEW ZEALAND."

To-day I interviewed Mr. Massey, Leader of the Opposition, in regard to Sir Joseph Ward's speech at Lyttelton. Mr. Massey replied that he had seen the report of the Prime Minister's speech, and it seemed to him that, so far as he was personally concerned, the most important point was the reference made by Sir Joseph Ward to a statement made by Sir Robert Stout. The Chancellor of the University, speaking at Auckland, was reported in the Auckland papers thus: "With regard to appointments to the Public Service, he expressed the opinion that they should be made by a Public Service Board." The witness said that he had known the accused for some years and had always regarded him as a man of sound mind until the events in question, when his conduct became strange and his manner excited. Evidence was given that the deceased had been in good health, and the jury retired at the conclusion of the address. The meeting was well attended, and the report and balance-sheet were adopted after some discussion. The club has had a successful season, and the prospects for the coming year are bright. Officers were elected as follows, and a hearty vote of thanks was accorded to the retiring secretary for his services during the past year.

A HAIRDRESSER'S CASE.

To-day I interviewed Mr. Massey, Leader of the Opposition, in regard to Sir Joseph Ward's speech at Lyttelton. Mr. Massey replied that he had seen the report of the Prime Minister's speech, and it seemed to him that, so far as he was personally concerned, the most important point was the reference made by Sir Joseph Ward to a statement made by Sir Robert Stout. The Chancellor of the University, speaking at Auckland, was reported in the Auckland papers thus: "With regard to appointments to the Public Service, he expressed the opinion that they should be made by a Public Service Board." The witness said that he had known the accused for some years and had always regarded him as a man of sound mind until the events in question, when his conduct became strange and his manner excited. Evidence was given that the deceased had been in good health, and the jury retired at the conclusion of the address. The meeting was well attended, and the report and balance-sheet were adopted after some discussion. The club has had a successful season, and the prospects for the coming year are bright. Officers were elected as follows, and a hearty vote of thanks was accorded to the retiring secretary for his services during the past year.

VEHICLES AT ELECTIONS.

To-day I interviewed Mr. Massey, Leader of the Opposition, in regard to Sir Joseph Ward's speech at Lyttelton. Mr. Massey replied that he had seen the report of the Prime Minister's speech, and it seemed to him that, so far as he was personally concerned, the most important point was the reference made by Sir Joseph Ward to a statement made by Sir Robert Stout. The Chancellor of the University, speaking at Auckland, was reported in the Auckland papers thus: "With regard to appointments to the Public Service, he expressed the opinion that they should be made by a Public Service Board." The witness said that he had known the accused for some years and had always regarded him as a man of sound mind until the events in question, when his conduct became strange and his manner excited. Evidence was given that the deceased had been in good health, and the jury retired at the conclusion of the address. The meeting was well attended, and the report and balance-sheet were adopted after some discussion. The club has had a successful season, and the prospects for the coming year are bright. Officers were elected as follows, and a hearty vote of thanks was accorded to the retiring secretary for his services during the past year.

BLOWS AT THE RACES.
SUPREME COURT SITTINGS.

To-day I interviewed Mr. Massey, Leader of the Opposition, in regard to Sir Joseph Ward's speech at Lyttelton. Mr. Massey replied that he had seen the report of the Prime Minister's speech, and it seemed to him that, so far as he was personally concerned, the most important point was the reference made by Sir Joseph Ward to a statement made by Sir Robert Stout. The Chancellor of the University, speaking at Auckland, was reported in the Auckland papers thus: "With regard to appointments to the Public Service, he expressed the opinion that they should be made by a Public Service Board." The witness said that he had known the accused for some years and had always regarded him as a man of sound mind until the events in question, when his conduct became strange and his manner excited. Evidence was given that the deceased had been in good health, and the jury retired at the conclusion of the address. The meeting was well attended, and the report and balance-sheet were adopted after some discussion. The club has had a successful season, and the prospects for the coming year are bright. Officers were elected as follows, and a hearty vote of thanks was accorded to the retiring secretary for his services during the past year.

INADEQUATE SHEEP TRANSPORT.
ASSISTING DEER HUNTERS.
THE PENGUIN'S STEWARDESSES.
PROPOSED LOAN.
RETIREMENTS AND APPOINTMENTS.

To-day I interviewed Mr. Massey, Leader of the Opposition, in regard to Sir Joseph Ward's speech at Lyttelton. Mr. Massey replied that he had seen the report of the Prime Minister's speech, and it seemed to him that, so far as he was personally concerned, the most important point was the reference made by Sir Joseph Ward to a statement made by Sir Robert Stout. The Chancellor of the University, speaking at Auckland, was reported in the Auckland papers thus: "With regard to appointments to the Public Service, he expressed the opinion that they should be made by a Public Service Board." The witness said that he had known the accused for some years and had always regarded him as a man of sound mind until the events in question, when his conduct became strange and his manner excited. Evidence was given that the deceased had been in good health, and the jury retired at the conclusion of the address. The meeting was well attended, and the report and balance-sheet were adopted after some discussion. The club has had a successful season, and the prospects for the coming year are bright. Officers were elected as follows, and a hearty vote of thanks was accorded to the retiring secretary for his services during the past year.

PAYMENT OF FINES.
BURGLARS AT WORK.
ACTION AGAINST AN INSURANCE COMPANY.

To-day I interviewed Mr. Massey, Leader of the Opposition, in regard to Sir Joseph Ward's speech at Lyttelton. Mr. Massey replied that he had seen the report of the Prime Minister's speech, and it seemed to him that, so far as he was personally concerned, the most important point was the reference made by Sir Joseph Ward to a statement made by Sir Robert Stout. The Chancellor of the University, speaking at Auckland, was reported in the Auckland papers thus: "With regard to appointments to the Public Service, he expressed the opinion that they should be made by a Public Service Board." The witness said that he had known the accused for some years and had always regarded him as a man of sound mind until the events in question, when his conduct became strange and his manner excited. Evidence was given that the deceased had been in good health, and the jury retired at the conclusion of the address. The meeting was well attended, and the report and balance-sheet were adopted after some discussion. The club has had a successful season, and the prospects for the coming year are bright. Officers were elected as follows, and a hearty vote of thanks was accorded to the retiring secretary for his services during the past year.

ENTERTAINMENTS.
"THE GAY HUSSAR."

To-day I interviewed Mr. Massey, Leader of the Opposition, in regard to Sir Joseph Ward's speech at Lyttelton. Mr. Massey replied that he had seen the report of the Prime Minister's speech, and it seemed to him that, so far as he was personally concerned, the most important point was the reference made by Sir Joseph Ward to a statement made by Sir Robert Stout. The Chancellor of the University, speaking at Auckland, was reported in the Auckland papers thus: "With regard to appointments to the Public Service, he expressed the opinion that they should be made by a Public Service Board." The witness said that he had known the accused for some years and had always regarded him as a man of sound mind until the events in question, when his conduct became strange and his manner excited. Evidence was given that the deceased had been in good health, and the jury retired at the conclusion of the address. The meeting was well attended, and the report and balance-sheet were adopted after some discussion. The club has had a successful season, and the prospects for the coming year are bright. Officers were elected as follows, and a hearty vote of thanks was accorded to the retiring secretary for his services during the past year.

To-day I interviewed Mr. Massey, Leader of the Opposition, in regard to Sir Joseph Ward's speech at Lyttelton. Mr. Massey replied that he had seen the report of the Prime Minister's speech, and it seemed to him that, so far as he was personally concerned, the most important point was the reference made by Sir Joseph Ward to a statement made by Sir Robert Stout. The Chancellor of the University, speaking at Auckland, was reported in the Auckland papers thus: "With regard to appointments to the Public Service, he expressed the opinion that they should be made by a Public Service Board." The witness said that he had known the accused for some years and had always regarded him as a man of sound mind until the events in question, when his conduct became strange and his manner excited. Evidence was given that the deceased had been in good health, and the jury retired at the conclusion of the address. The meeting was well attended, and the report and balance-sheet were adopted after some discussion. The club has had a successful season, and the prospects for the coming year are bright. Officers were elected as follows, and a hearty vote of thanks was accorded to the retiring secretary for his services during the past year.

THEATRE ROYAL.

To-day I interviewed Mr. Massey, Leader of the Opposition, in regard to Sir Joseph Ward's speech at Lyttelton. Mr. Massey replied that he had seen the report of the Prime Minister's speech, and it seemed to him that, so far as he was personally concerned, the most important point was the reference made by Sir Joseph Ward to a statement made by Sir Robert Stout. The Chancellor of the University, speaking at Auckland, was reported in the Auckland papers thus: "With regard to appointments to the Public Service, he expressed the opinion that they should be made by a Public Service Board." The witness said that he had known the accused for some years and had always regarded him as a man of sound mind until the events in question, when his conduct became strange and his manner excited. Evidence was given that the deceased had been in good health, and the jury retired at the conclusion of the address. The meeting was well attended, and the report and balance-sheet were adopted after some discussion. The club has had a successful season, and the prospects for the coming year are bright. Officers were elected as follows, and a hearty vote of thanks was accorded to the retiring secretary for his services during the past year.

ROYAL PICTURES.

To-day I interviewed Mr. Massey, Leader of the Opposition, in regard to Sir Joseph Ward's speech at Lyttelton. Mr. Massey replied that he had seen the report of the Prime Minister's speech, and it seemed to him that, so far as he was personally concerned, the most important point was the reference made by Sir Joseph Ward to a statement made by Sir Robert Stout. The Chancellor of the University, speaking at Auckland, was reported in the Auckland papers thus: "With regard to appointments to the Public Service, he expressed the opinion that they should be made by a Public Service Board." The witness said that he had known the accused for some years and had always regarded him as a man of sound mind until the events in question, when his conduct became strange and his manner excited. Evidence was given that the deceased had been in good health, and the jury retired at the conclusion of the address. The meeting was well attended, and the report and balance-sheet were adopted after some discussion. The club has had a successful season, and the prospects for the coming year are bright. Officers were elected as follows, and a hearty vote of thanks was accorded to the retiring secretary for his services during the past year.

SINGING PICTURES.

To-day I interviewed Mr. Massey, Leader of the Opposition, in regard to Sir Joseph Ward's speech at Lyttelton. Mr. Massey replied that he had seen the report of the Prime Minister's speech, and it seemed to him that, so far as he was personally concerned, the most important point was the reference made by Sir Joseph Ward to a statement made by Sir Robert Stout. The Chancellor of the University, speaking at Auckland, was reported in the Auckland papers thus: "With regard to appointments to the Public Service, he expressed the opinion that they should be made by a Public Service Board." The witness said that he had known the accused for some years and had always regarded him as a man of sound mind until the events in question, when his conduct became strange and his manner excited. Evidence was given that the deceased had been in good health, and the jury retired at the conclusion of the address. The meeting was well attended, and the report and balance-sheet were adopted after some discussion. The club has had a successful season, and the prospects for the coming year are bright. Officers were elected as follows, and a hearty vote of thanks was accorded to the retiring secretary for his services during the past year.

SUNDAY CONCERT.

To-day I interviewed Mr. Massey, Leader of the Opposition, in regard to Sir Joseph Ward's speech at Lyttelton. Mr. Massey replied that he had seen the report of the Prime Minister's speech, and it seemed to him that, so far as he was personally concerned, the most important point was the reference made by Sir Joseph Ward to a statement made by Sir Robert Stout. The Chancellor of the University, speaking at Auckland, was reported in the Auckland papers thus: "With regard to appointments to the Public Service, he expressed the opinion that they should be made by a Public Service Board." The witness said that he had known the accused for some years and had always regarded him as a man of sound mind until the events in question, when his conduct became strange and his manner excited. Evidence was given that the deceased had been in good health, and the jury retired at the conclusion of the address. The meeting was well attended, and the report and balance-sheet were adopted after some discussion. The club has had a successful season, and the prospects for the coming year are bright. Officers were elected as follows, and a hearty vote of thanks was accorded to the retiring secretary for his services during the past year.

MADAME ELDERHORST.

To-day I interviewed Mr. Massey, Leader of the Opposition, in regard to Sir Joseph Ward's speech at Lyttelton. Mr. Massey replied that he had seen the report of the Prime Minister's speech, and it seemed to him that, so far as he was personally concerned, the most important point was the reference made by Sir Joseph Ward to a statement made by Sir Robert Stout. The Chancellor of the University, speaking at Auckland, was reported in the Auckland papers thus: "With regard to appointments to the Public Service, he expressed the opinion that they should be made by a Public Service Board." The witness said that he had known the accused for some years and had always regarded him as a man of sound mind until the events in question, when his conduct became strange and his manner excited. Evidence was given that the deceased had been in good health, and the jury retired at the conclusion of the address. The meeting was well attended, and the report and balance-sheet were adopted after some discussion. The club has had a successful season, and the prospects for the coming year are bright. Officers were elected as follows, and a hearty vote of thanks was accorded to the retiring secretary for his services during the past year.

MISSIONS TO SEAMEN.

To-day I interviewed Mr. Massey, Leader of the Opposition, in regard to Sir Joseph Ward's speech at Lyttelton. Mr. Massey replied that he had seen the report of the Prime Minister's speech, and it seemed to him that, so far as he was personally concerned, the most important point was the reference made by Sir Joseph Ward to a statement made by Sir Robert Stout. The Chancellor of the University, speaking at Auckland, was reported in the Auckland papers thus: "With regard to appointments to the Public Service, he expressed the opinion that they should be made by a Public Service Board." The witness said that he had known the accused for some years and had always regarded him as a man of sound mind until the events in question, when his conduct became strange and his manner excited. Evidence was given that the deceased had been in good health, and the jury retired at the conclusion of the address. The meeting was well attended, and the report and balance-sheet were adopted after some discussion. The club has had a successful season, and the prospects for the coming year are bright. Officers were elected as follows, and a hearty vote of thanks was accorded to the retiring secretary for his services during the past year.

CRICKET.

To-day I interviewed Mr. Massey, Leader of the Opposition, in regard to Sir Joseph Ward's speech at Lyttelton. Mr. Massey replied that he had seen the report of the Prime Minister's speech, and it seemed to him that, so far as he was personally concerned, the most important point was the reference made by Sir Joseph Ward to a statement made by Sir Robert Stout. The Chancellor of the University, speaking at Auckland, was reported in the Auckland papers thus: "With regard to appointments to the Public Service, he expressed the opinion that they should be made by a Public Service Board." The witness said that he had known the accused for some years and had always regarded him as a man of sound mind until the events in question, when his conduct became strange and his manner excited. Evidence was given that the deceased had been in good health, and the jury retired at the conclusion of the address. The meeting was well attended, and the report and balance-sheet were adopted after some discussion. The club has had a successful season, and the prospects for the coming year are bright. Officers were elected as follows, and a hearty vote of thanks was accorded to the retiring secretary for his services during the past year.

To-day I interviewed Mr. Massey, Leader of the Opposition, in regard to Sir Joseph Ward's speech at Lyttelton. Mr. Massey replied that he had seen the report of the Prime Minister's speech, and it seemed to him that, so far as he was personally concerned, the most important point was the reference made by Sir Joseph Ward to a statement made by Sir Robert Stout. The Chancellor of the University, speaking at Auckland, was reported in the Auckland papers thus: "With regard to appointments to the Public Service, he expressed the opinion that they should be made by a Public Service Board." The witness said that he had known the accused for some years and had always regarded him as a man of sound mind until the events in question, when his conduct became strange and his manner excited. Evidence was given that the deceased had been in good health, and the jury retired at the conclusion of the address. The meeting was well attended, and the report and balance-sheet were adopted after some discussion. The club has had a successful season, and the prospects for the coming year are bright. Officers were elected as follows, and a hearty vote of thanks was accorded to the retiring secretary for his services during the past year.
